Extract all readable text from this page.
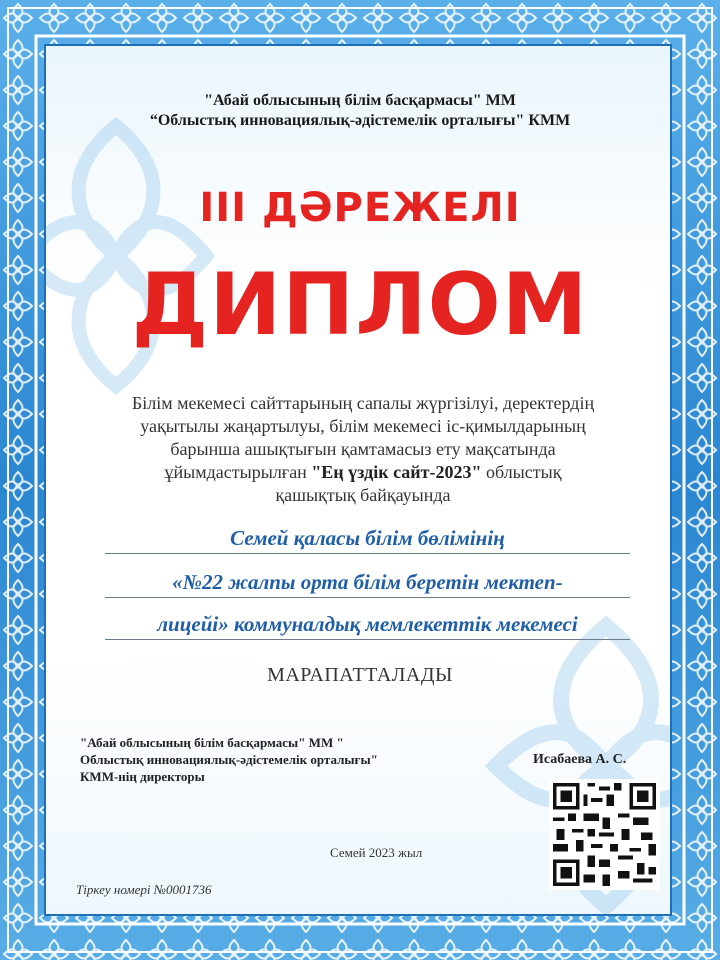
"Абай облысының білім басқармасы" ММ
“Облыстық инновациялық-әдістемелік орталығы" КММ
III ДӘРЕЖЕЛІ
ДИПЛОМ
Білім мекемесі сайттарының сапалы жүргізілуі, деректердің
уақытылы жаңартылуы, білім мекемесі іс-қимылдарының
барынша ашықтығын қамтамасыз ету мақсатында
ұйымдастырылған "Ең үздік сайт-2023" облыстық
қашықтық байқауында
Семей қаласы білім бөлімінің
«№22 жалпы орта білім беретін мектеп-
лицейі» коммуналдық мемлекеттік мекемесі
МАРАПАТТАЛАДЫ
"Абай облысының білім басқармасы" ММ "
Облыстық инновациялық-әдістемелік орталығы"
КММ-нің директоры
Исабаева А. С.
Семей 2023 жыл
Тіркеу номері №0001736
